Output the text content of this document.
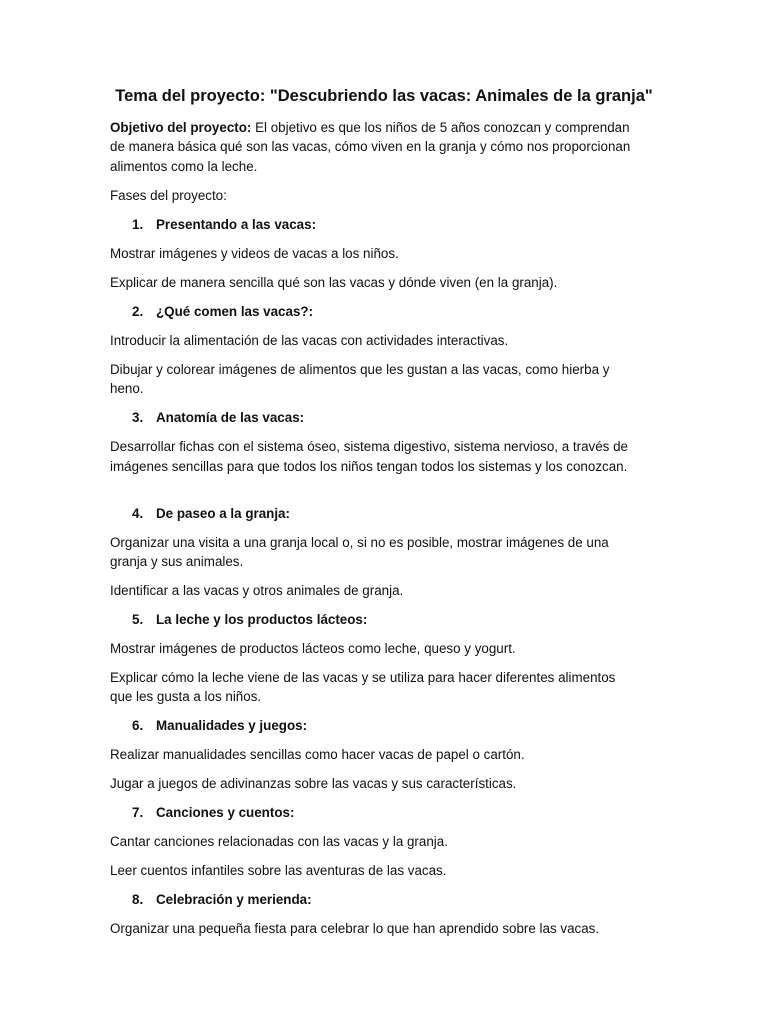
Tema del proyecto: "Descubriendo las vacas: Animales de la granja"

Objetivo del proyecto: El objetivo es que los niños de 5 años conozcan y comprendan de manera básica qué son las vacas, cómo viven en la granja y cómo nos proporcionan alimentos como la leche.

Fases del proyecto:

1. Presentando a las vacas:

Mostrar imágenes y videos de vacas a los niños.

Explicar de manera sencilla qué son las vacas y dónde viven (en la granja).

2. ¿Qué comen las vacas?:

Introducir la alimentación de las vacas con actividades interactivas.

Dibujar y colorear imágenes de alimentos que les gustan a las vacas, como hierba y heno.

3. Anatomía de las vacas:

Desarrollar fichas con el sistema óseo, sistema digestivo, sistema nervioso, a través de imágenes sencillas para que todos los niños tengan todos los sistemas y los conozcan.

4. De paseo a la granja:

Organizar una visita a una granja local o, si no es posible, mostrar imágenes de una granja y sus animales.

Identificar a las vacas y otros animales de granja.

5. La leche y los productos lácteos:

Mostrar imágenes de productos lácteos como leche, queso y yogurt.

Explicar cómo la leche viene de las vacas y se utiliza para hacer diferentes alimentos que les gusta a los niños.

6. Manualidades y juegos:

Realizar manualidades sencillas como hacer vacas de papel o cartón.

Jugar a juegos de adivinanzas sobre las vacas y sus características.

7. Canciones y cuentos:

Cantar canciones relacionadas con las vacas y la granja.

Leer cuentos infantiles sobre las aventuras de las vacas.

8. Celebración y merienda:

Organizar una pequeña fiesta para celebrar lo que han aprendido sobre las vacas.
